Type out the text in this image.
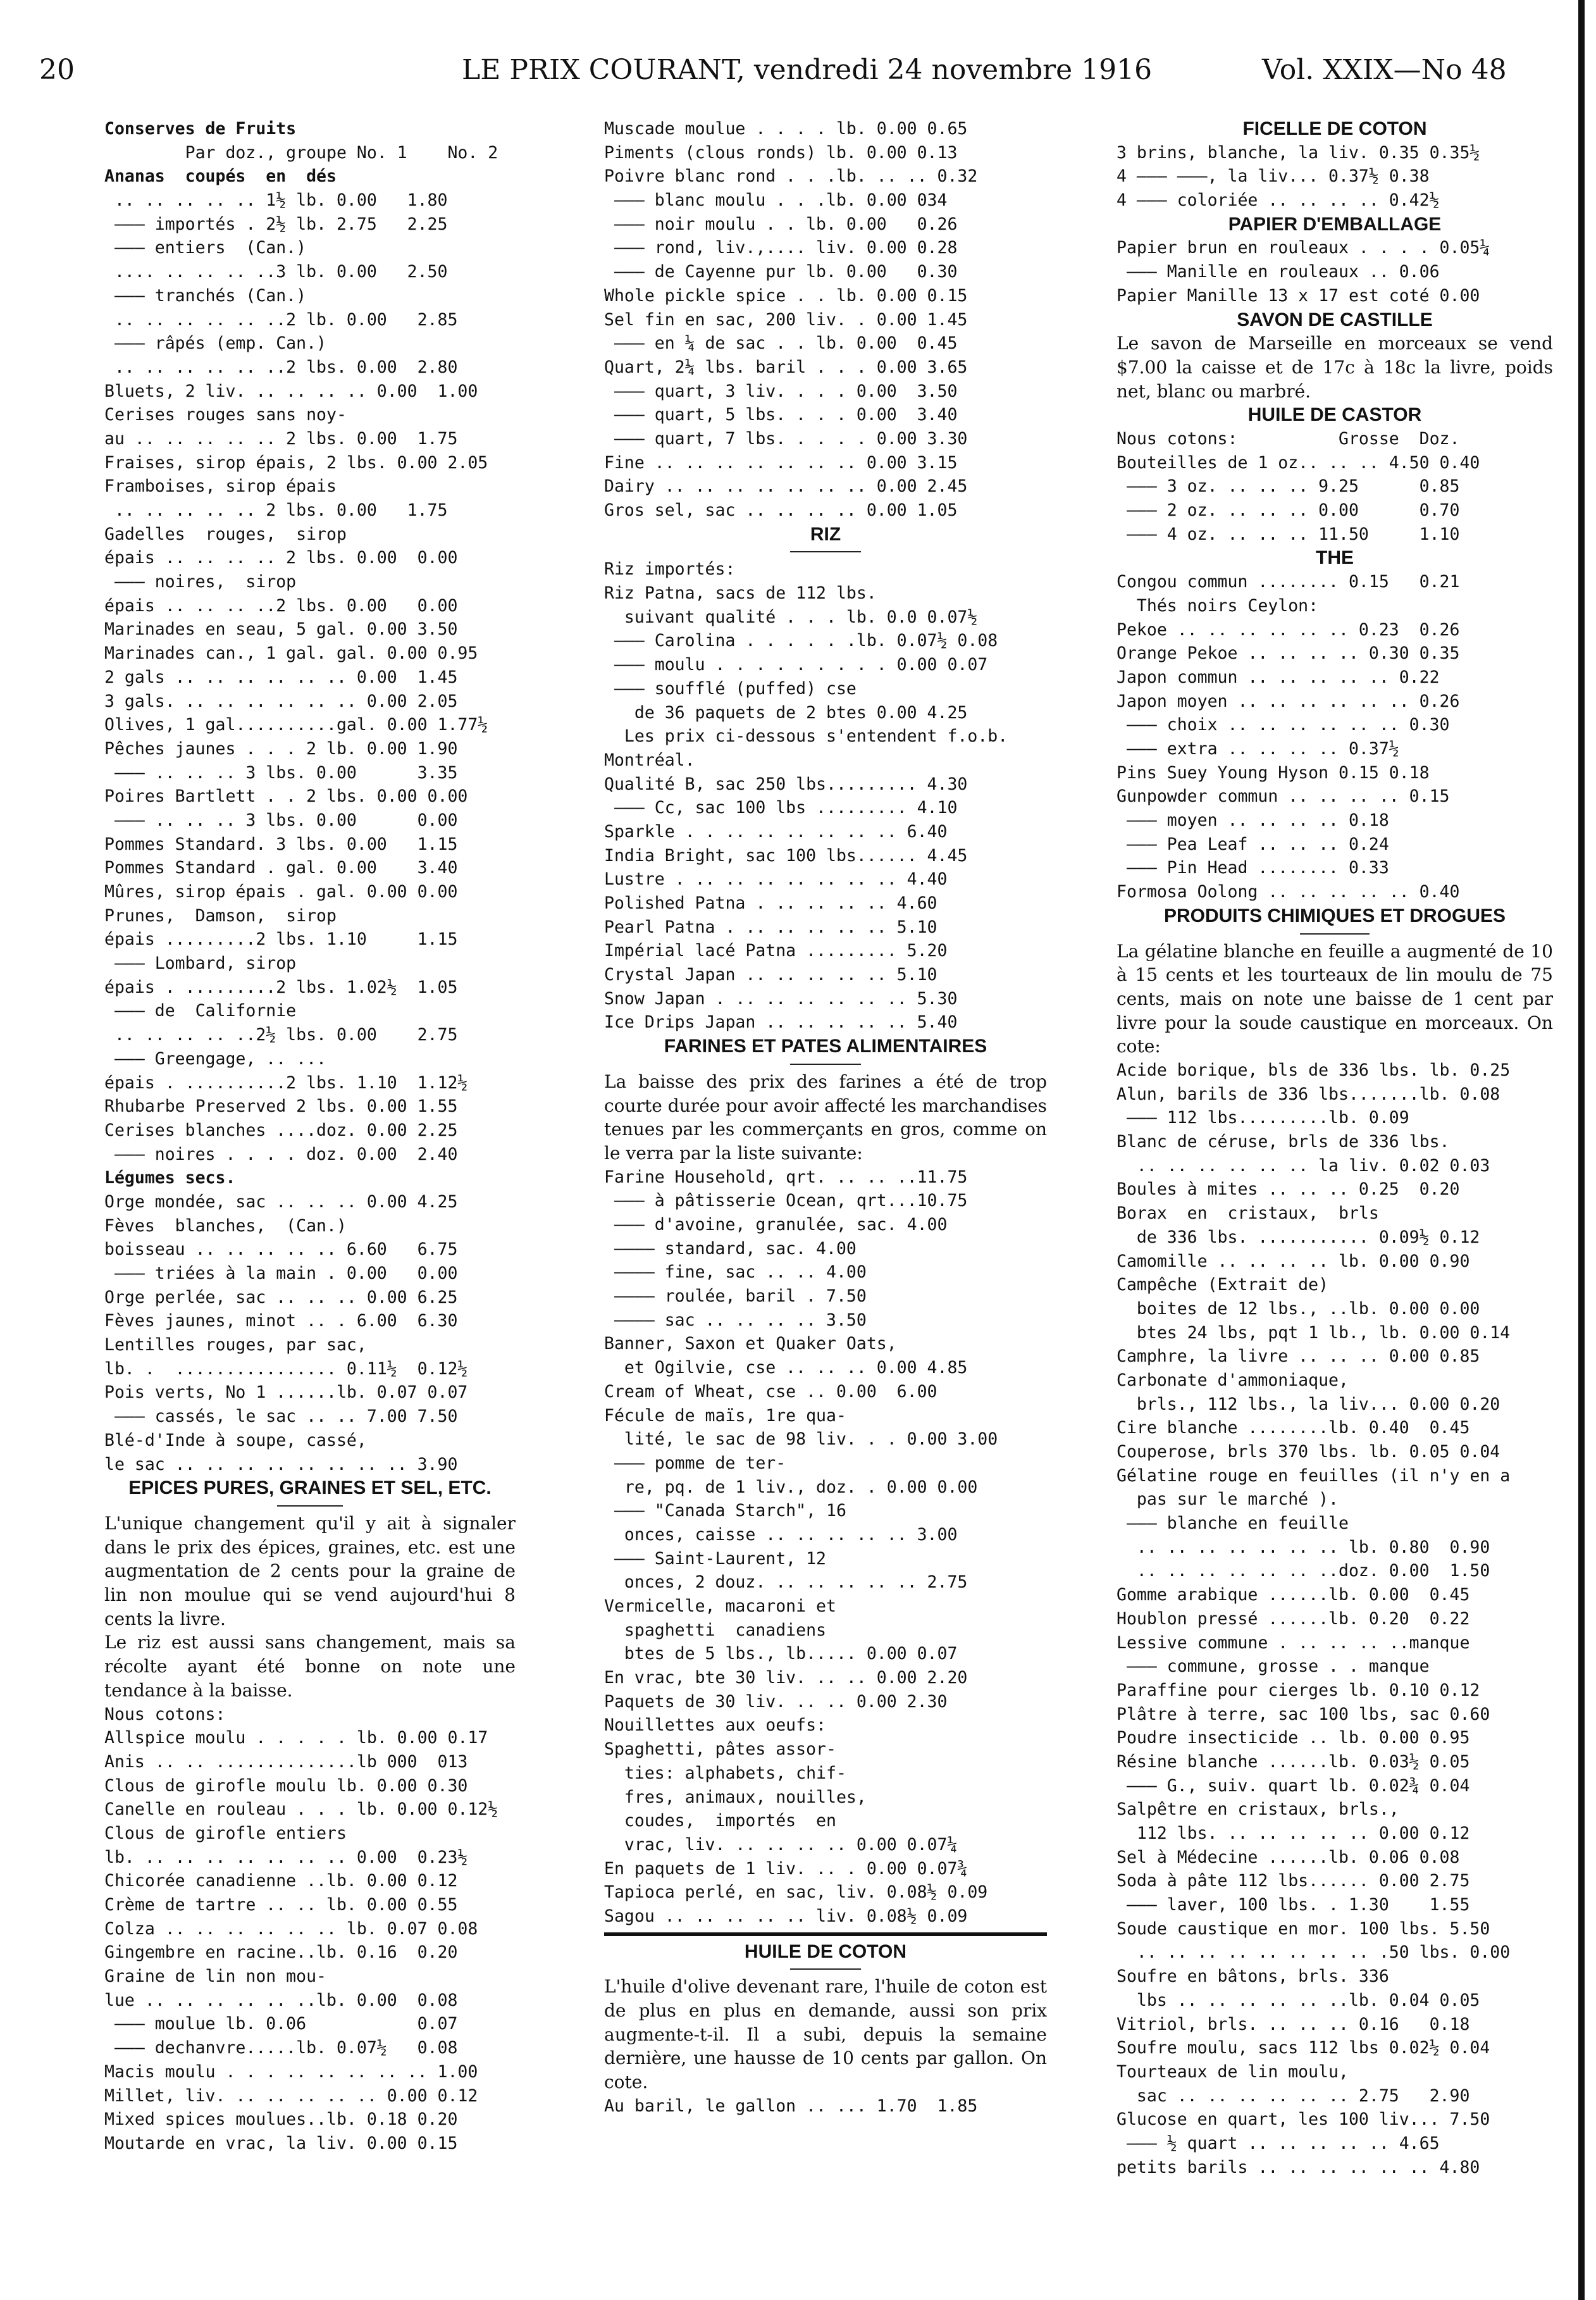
20	LE PRIX COURANT, vendredi 24 novembre 1916	Vol. XXIX—No 48
Conserves de Fruits
Par doz., groupe No. 1    No. 2
Ananas  coupés  en  dés
.. .. .. .. .. 1½ lb. 0.00   1.80
——— importés . 2½ lb. 2.75   2.25
——— entiers  (Can.)
.... .. .. .. ..3 lb. 0.00   2.50
——— tranchés (Can.)
.. .. .. .. .. ..2 lb. 0.00   2.85
——— râpés (emp. Can.)
.. .. .. .. .. ..2 lbs. 0.00  2.80
Bluets, 2 liv. .. .. .. .. 0.00  1.00
Cerises rouges sans noy-
au .. .. .. .. .. 2 lbs. 0.00  1.75
Fraises, sirop épais, 2 lbs. 0.00 2.05
Framboises, sirop épais
.. .. .. .. .. 2 lbs. 0.00   1.75
Gadelles  rouges,  sirop
épais .. .. .. .. 2 lbs. 0.00  0.00
——— noires,  sirop
épais .. .. .. ..2 lbs. 0.00   0.00
Marinades en seau, 5 gal. 0.00 3.50
Marinades can., 1 gal. gal. 0.00 0.95
2 gals .. .. .. .. .. .. 0.00  1.45
3 gals. .. .. .. .. .. .. 0.00 2.05
Olives, 1 gal..........gal. 0.00 1.77½
Pêches jaunes . . . 2 lb. 0.00 1.90
——— .. .. .. 3 lbs. 0.00      3.35
Poires Bartlett . . 2 lbs. 0.00 0.00
——— .. .. .. 3 lbs. 0.00      0.00
Pommes Standard. 3 lbs. 0.00   1.15
Pommes Standard . gal. 0.00    3.40
Mûres, sirop épais . gal. 0.00 0.00
Prunes,  Damson,  sirop
épais .........2 lbs. 1.10     1.15
——— Lombard, sirop
épais . .........2 lbs. 1.02½  1.05
——— de  Californie
.. .. .. .. ..2½ lbs. 0.00    2.75
——— Greengage, .. ...
épais . ..........2 lbs. 1.10  1.12½
Rhubarbe Preserved 2 lbs. 0.00 1.55
Cerises blanches ....doz. 0.00 2.25
——— noires . . . . doz. 0.00  2.40
Légumes secs.
Orge mondée, sac .. .. .. 0.00 4.25
Fèves  blanches,  (Can.)
boisseau .. .. .. .. .. 6.60   6.75
——— triées à la main . 0.00   0.00
Orge perlée, sac .. .. .. 0.00 6.25
Fèves jaunes, minot .. . 6.00  6.30
Lentilles rouges, par sac,
lb. .  ................ 0.11½  0.12½
Pois verts, No 1 ......lb. 0.07 0.07
——— cassés, le sac .. .. 7.00 7.50
Blé-d'Inde à soupe, cassé,
le sac .. .. .. .. .. .. .. .. 3.90
EPICES PURES, GRAINES ET SEL, ETC.
L'unique changement qu'il y ait à signaler dans le prix des épices, graines, etc. est une augmentation de 2 cents pour la graine de lin non moulue qui se vend aujourd'hui 8 cents la livre.
Le riz est aussi sans changement, mais sa récolte ayant été bonne on note une tendance à la baisse.
Nous cotons:
Allspice moulu . . . . . lb. 0.00 0.17
Anis .. .. ..............lb 000  013
Clous de girofle moulu lb. 0.00 0.30
Canelle en rouleau . . . lb. 0.00 0.12½
Clous de girofle entiers
lb. .. .. .. .. .. .. .. 0.00  0.23½
Chicorée canadienne ..lb. 0.00 0.12
Crème de tartre .. .. lb. 0.00 0.55
Colza .. .. .. .. .. .. lb. 0.07 0.08
Gingembre en racine..lb. 0.16  0.20
Graine de lin non mou-
lue .. .. .. .. .. ..lb. 0.00  0.08
——— moulue lb. 0.06           0.07
——— dechanvre.....lb. 0.07½   0.08
Macis moulu . . . .. .. .. .. .. 1.00
Millet, liv. .. .. .. .. .. 0.00 0.12
Mixed spices moulues..lb. 0.18 0.20
Moutarde en vrac, la liv. 0.00 0.15
Muscade moulue . . . . lb. 0.00 0.65
Piments (clous ronds) lb. 0.00 0.13
Poivre blanc rond . . .lb. .. .. 0.32
——— blanc moulu . . .lb. 0.00 034
——— noir moulu . . lb. 0.00   0.26
——— rond, liv.,.... liv. 0.00 0.28
——— de Cayenne pur lb. 0.00   0.30
Whole pickle spice . . lb. 0.00 0.15
Sel fin en sac, 200 liv. . 0.00 1.45
——— en ¼ de sac . . lb. 0.00  0.45
Quart, 2¼ lbs. baril . . . 0.00 3.65
——— quart, 3 liv. . . . 0.00  3.50
——— quart, 5 lbs. . . . 0.00  3.40
——— quart, 7 lbs. . . . . 0.00 3.30
Fine .. .. .. .. .. .. .. 0.00 3.15
Dairy .. .. .. .. .. .. .. 0.00 2.45
Gros sel, sac .. .. .. .. 0.00 1.05
RIZ
Riz importés:
Riz Patna, sacs de 112 lbs.
suivant qualité . . . lb. 0.0 0.07½
——— Carolina . . . . . .lb. 0.07½ 0.08
——— moulu . . . . . . . . . 0.00 0.07
——— soufflé (puffed) cse
de 36 paquets de 2 btes 0.00 4.25
Les prix ci-dessous s'entendent f.o.b.
Montréal.
Qualité B, sac 250 lbs......... 4.30
——— Cc, sac 100 lbs ......... 4.10
Sparkle . . .. .. .. .. .. .. 6.40
India Bright, sac 100 lbs...... 4.45
Lustre . .. .. .. .. .. .. .. 4.40
Polished Patna . .. .. .. .. 4.60
Pearl Patna . .. .. .. .. .. 5.10
Impérial lacé Patna ......... 5.20
Crystal Japan .. .. .. .. .. 5.10
Snow Japan . .. .. .. .. .. .. 5.30
Ice Drips Japan .. .. .. .. .. 5.40
FARINES ET PATES ALIMENTAIRES
La baisse des prix des farines a été de trop courte durée pour avoir affecté les marchandises tenues par les commerçants en gros, comme on le verra par la liste suivante:
Farine Household, qrt. .. .. ..11.75
——— à pâtisserie Ocean, qrt...10.75
——— d'avoine, granulée, sac. 4.00
———— standard, sac. 4.00
———— fine, sac .. .. 4.00
———— roulée, baril . 7.50
———— sac .. .. .. .. 3.50
Banner, Saxon et Quaker Oats,
et Ogilvie, cse .. .. .. 0.00 4.85
Cream of Wheat, cse .. 0.00  6.00
Fécule de maïs, 1re qua-
lité, le sac de 98 liv. . . 0.00 3.00
——— pomme de ter-
re, pq. de 1 liv., doz. . 0.00 0.00
——— "Canada Starch", 16
onces, caisse .. .. .. .. .. 3.00
——— Saint-Laurent, 12
onces, 2 douz. .. .. .. .. .. 2.75
Vermicelle, macaroni et
spaghetti  canadiens
btes de 5 lbs., lb..... 0.00 0.07
En vrac, bte 30 liv. .. .. 0.00 2.20
Paquets de 30 liv. .. .. 0.00 2.30
Nouillettes aux oeufs:
Spaghetti, pâtes assor-
ties: alphabets, chif-
fres, animaux, nouilles,
coudes,  importés  en
vrac, liv. .. .. .. .. 0.00 0.07¼
En paquets de 1 liv. .. . 0.00 0.07¾
Tapioca perlé, en sac, liv. 0.08½ 0.09
Sagou .. .. .. .. .. liv. 0.08½ 0.09
HUILE DE COTON
L'huile d'olive devenant rare, l'huile de coton est de plus en plus en demande, aussi son prix augmente-t-il. Il a subi, depuis la semaine dernière, une hausse de 10 cents par gallon. On cote.
Au baril, le gallon .. ... 1.70  1.85
FICELLE DE COTON
3 brins, blanche, la liv. 0.35 0.35½
4 ——— ———, la liv... 0.37½ 0.38
4 ——— coloriée .. .. .. .. 0.42½
PAPIER D'EMBALLAGE
Papier brun en rouleaux . . . . 0.05¼
——— Manille en rouleaux .. 0.06
Papier Manille 13 x 17 est coté 0.00
SAVON DE CASTILLE
Le savon de Marseille en morceaux se vend $7.00 la caisse et de 17c à 18c la livre, poids net, blanc ou marbré.
HUILE DE CASTOR
Nous cotons:          Grosse  Doz.
Bouteilles de 1 oz.. .. .. 4.50 0.40
——— 3 oz. .. .. .. 9.25      0.85
——— 2 oz. .. .. .. 0.00      0.70
——— 4 oz. .. .. .. 11.50     1.10
THE
Congou commun ........ 0.15   0.21
Thés noirs Ceylon:
Pekoe .. .. .. .. .. .. 0.23  0.26
Orange Pekoe .. .. .. .. 0.30 0.35
Japon commun .. .. .. .. .. 0.22
Japon moyen .. .. .. .. .. .. 0.26
——— choix .. .. .. .. .. .. 0.30
——— extra .. .. .. .. 0.37½
Pins Suey Young Hyson 0.15 0.18
Gunpowder commun .. .. .. .. 0.15
——— moyen .. .. .. .. 0.18
——— Pea Leaf .. .. .. 0.24
——— Pin Head ........ 0.33
Formosa Oolong .. .. .. .. .. 0.40
PRODUITS CHIMIQUES ET DROGUES
La gélatine blanche en feuille a augmenté de 10 à 15 cents et les tourteaux de lin moulu de 75 cents, mais on note une baisse de 1 cent par livre pour la soude caustique en morceaux. On cote:
Acide borique, bls de 336 lbs. lb. 0.25
Alun, barils de 336 lbs.......lb. 0.08
——— 112 lbs.........lb. 0.09
Blanc de céruse, brls de 336 lbs.
.. .. .. .. .. .. la liv. 0.02 0.03
Boules à mites .. .. .. 0.25  0.20
Borax  en  cristaux,  brls
de 336 lbs. ........... 0.09½ 0.12
Camomille .. .. .. .. lb. 0.00 0.90
Campêche (Extrait de)
boites de 12 lbs., ..lb. 0.00 0.00
btes 24 lbs, pqt 1 lb., lb. 0.00 0.14
Camphre, la livre .. .. .. 0.00 0.85
Carbonate d'ammoniaque,
brls., 112 lbs., la liv... 0.00 0.20
Cire blanche ........lb. 0.40  0.45
Couperose, brls 370 lbs. lb. 0.05 0.04
Gélatine rouge en feuilles (il n'y en a
pas sur le marché ).
——— blanche en feuille
.. .. .. .. .. .. .. lb. 0.80  0.90
.. .. .. .. .. .. ..doz. 0.00  1.50
Gomme arabique ......lb. 0.00  0.45
Houblon pressé ......lb. 0.20  0.22
Lessive commune . .. .. .. ..manque
——— commune, grosse . . manque
Paraffine pour cierges lb. 0.10 0.12
Plâtre à terre, sac 100 lbs, sac 0.60
Poudre insecticide .. lb. 0.00 0.95
Résine blanche ......lb. 0.03½ 0.05
——— G., suiv. quart lb. 0.02¾ 0.04
Salpêtre en cristaux, brls.,
112 lbs. .. .. .. .. .. 0.00 0.12
Sel à Médecine ......lb. 0.06 0.08
Soda à pâte 112 lbs...... 0.00 2.75
——— laver, 100 lbs. . 1.30    1.55
Soude caustique en mor. 100 lbs. 5.50
.. .. .. .. .. .. .. .. .50 lbs. 0.00
Soufre en bâtons, brls. 336
lbs .. .. .. .. .. ..lb. 0.04 0.05
Vitriol, brls. .. .. .. 0.16   0.18
Soufre moulu, sacs 112 lbs 0.02½ 0.04
Tourteaux de lin moulu,
sac .. .. .. .. .. .. 2.75   2.90
Glucose en quart, les 100 liv... 7.50
——— ½ quart .. .. .. .. .. 4.65
petits barils .. .. .. .. .. .. 4.80
